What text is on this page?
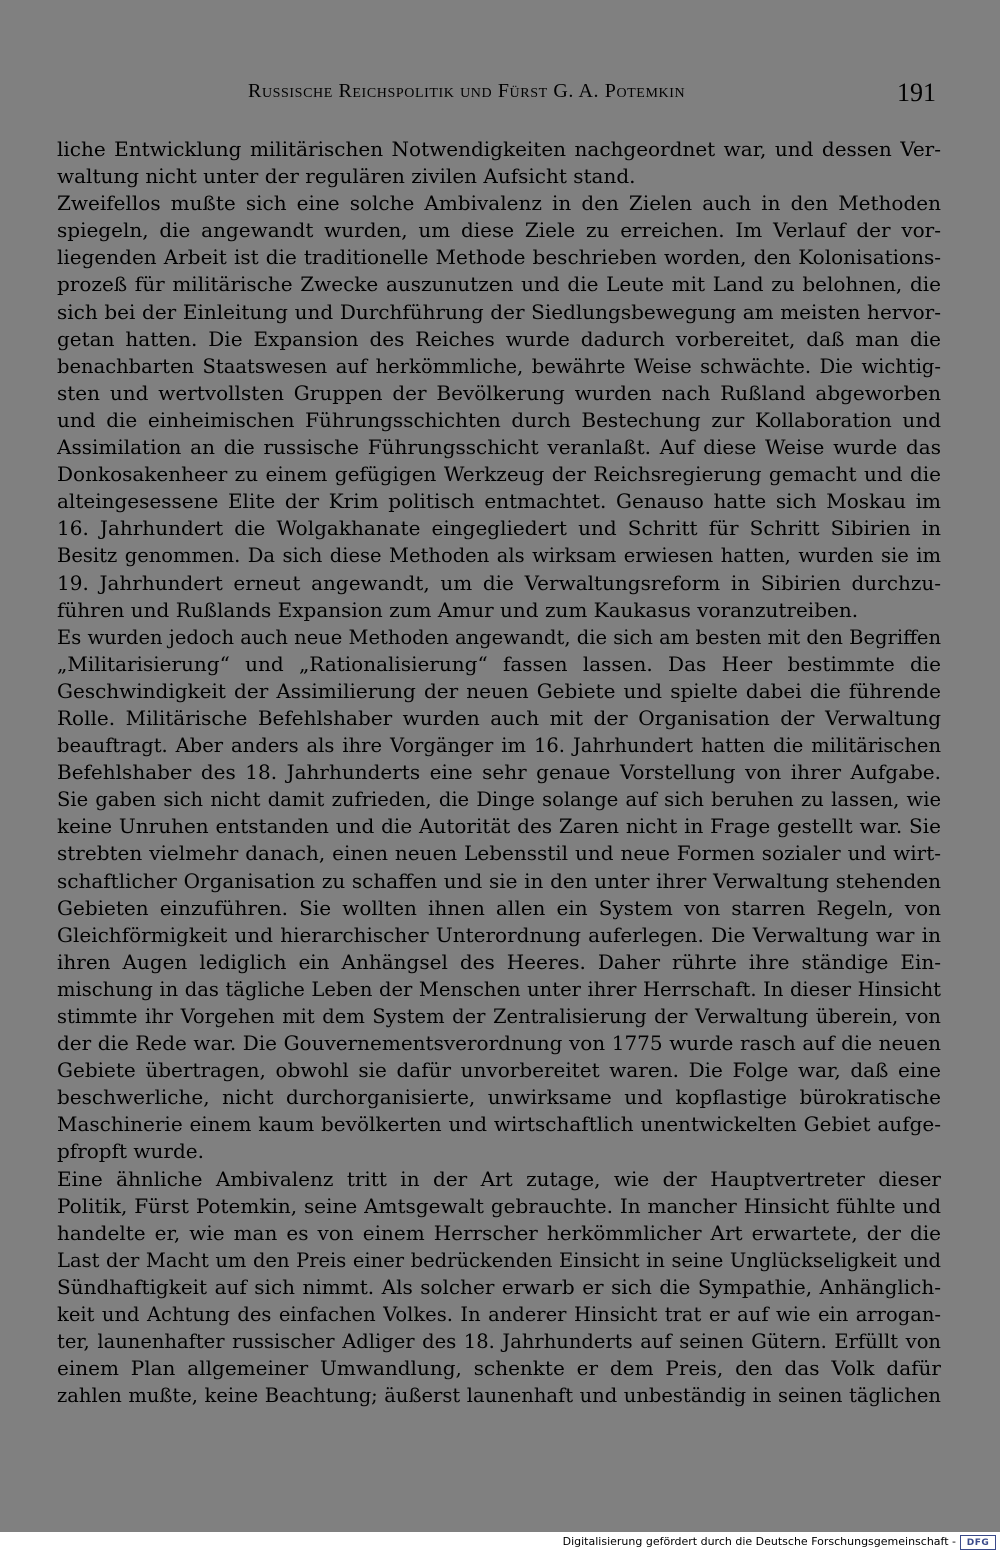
Russische Reichspolitik und Fürst G. A. Potemkin	191
liche Entwicklung militärischen Notwendigkeiten nachgeordnet war, und dessen Ver-
waltung nicht unter der regulären zivilen Aufsicht stand.
Zweifellos mußte sich eine solche Ambivalenz in den Zielen auch in den Methoden
spiegeln, die angewandt wurden, um diese Ziele zu erreichen. Im Verlauf der vor-
liegenden Arbeit ist die traditionelle Methode beschrieben worden, den Kolonisations-
prozeß für militärische Zwecke auszunutzen und die Leute mit Land zu belohnen, die
sich bei der Einleitung und Durchführung der Siedlungsbewegung am meisten hervor-
getan hatten. Die Expansion des Reiches wurde dadurch vorbereitet, daß man die
benachbarten Staatswesen auf herkömmliche, bewährte Weise schwächte. Die wichtig-
sten und wertvollsten Gruppen der Bevölkerung wurden nach Rußland abgeworben
und die einheimischen Führungsschichten durch Bestechung zur Kollaboration und
Assimilation an die russische Führungsschicht veranlaßt. Auf diese Weise wurde das
Donkosakenheer zu einem gefügigen Werkzeug der Reichsregierung gemacht und die
alteingesessene Elite der Krim politisch entmachtet. Genauso hatte sich Moskau im
16. Jahrhundert die Wolgakhanate eingegliedert und Schritt für Schritt Sibirien in
Besitz genommen. Da sich diese Methoden als wirksam erwiesen hatten, wurden sie im
19. Jahrhundert erneut angewandt, um die Verwaltungsreform in Sibirien durchzu-
führen und Rußlands Expansion zum Amur und zum Kaukasus voranzutreiben.
Es wurden jedoch auch neue Methoden angewandt, die sich am besten mit den Begriffen
„Militarisierung“ und „Rationalisierung“ fassen lassen. Das Heer bestimmte die
Geschwindigkeit der Assimilierung der neuen Gebiete und spielte dabei die führende
Rolle. Militärische Befehlshaber wurden auch mit der Organisation der Verwaltung
beauftragt. Aber anders als ihre Vorgänger im 16. Jahrhundert hatten die militärischen
Befehlshaber des 18. Jahrhunderts eine sehr genaue Vorstellung von ihrer Aufgabe.
Sie gaben sich nicht damit zufrieden, die Dinge solange auf sich beruhen zu lassen, wie
keine Unruhen entstanden und die Autorität des Zaren nicht in Frage gestellt war. Sie
strebten vielmehr danach, einen neuen Lebensstil und neue Formen sozialer und wirt-
schaftlicher Organisation zu schaffen und sie in den unter ihrer Verwaltung stehenden
Gebieten einzuführen. Sie wollten ihnen allen ein System von starren Regeln, von
Gleichförmigkeit und hierarchischer Unterordnung auferlegen. Die Verwaltung war in
ihren Augen lediglich ein Anhängsel des Heeres. Daher rührte ihre ständige Ein-
mischung in das tägliche Leben der Menschen unter ihrer Herrschaft. In dieser Hinsicht
stimmte ihr Vorgehen mit dem System der Zentralisierung der Verwaltung überein, von
der die Rede war. Die Gouvernementsverordnung von 1775 wurde rasch auf die neuen
Gebiete übertragen, obwohl sie dafür unvorbereitet waren. Die Folge war, daß eine
beschwerliche, nicht durchorganisierte, unwirksame und kopflastige bürokratische
Maschinerie einem kaum bevölkerten und wirtschaftlich unentwickelten Gebiet aufge-
pfropft wurde.
Eine ähnliche Ambivalenz tritt in der Art zutage, wie der Hauptvertreter dieser
Politik, Fürst Potemkin, seine Amtsgewalt gebrauchte. In mancher Hinsicht fühlte und
handelte er, wie man es von einem Herrscher herkömmlicher Art erwartete, der die
Last der Macht um den Preis einer bedrückenden Einsicht in seine Unglückseligkeit und
Sündhaftigkeit auf sich nimmt. Als solcher erwarb er sich die Sympathie, Anhänglich-
keit und Achtung des einfachen Volkes. In anderer Hinsicht trat er auf wie ein arrogan-
ter, launenhafter russischer Adliger des 18. Jahrhunderts auf seinen Gütern. Erfüllt von
einem Plan allgemeiner Umwandlung, schenkte er dem Preis, den das Volk dafür
zahlen mußte, keine Beachtung; äußerst launenhaft und unbeständig in seinen täglichen
Digitalisierung gefördert durch die Deutsche Forschungsgemeinschaft -	DFG
